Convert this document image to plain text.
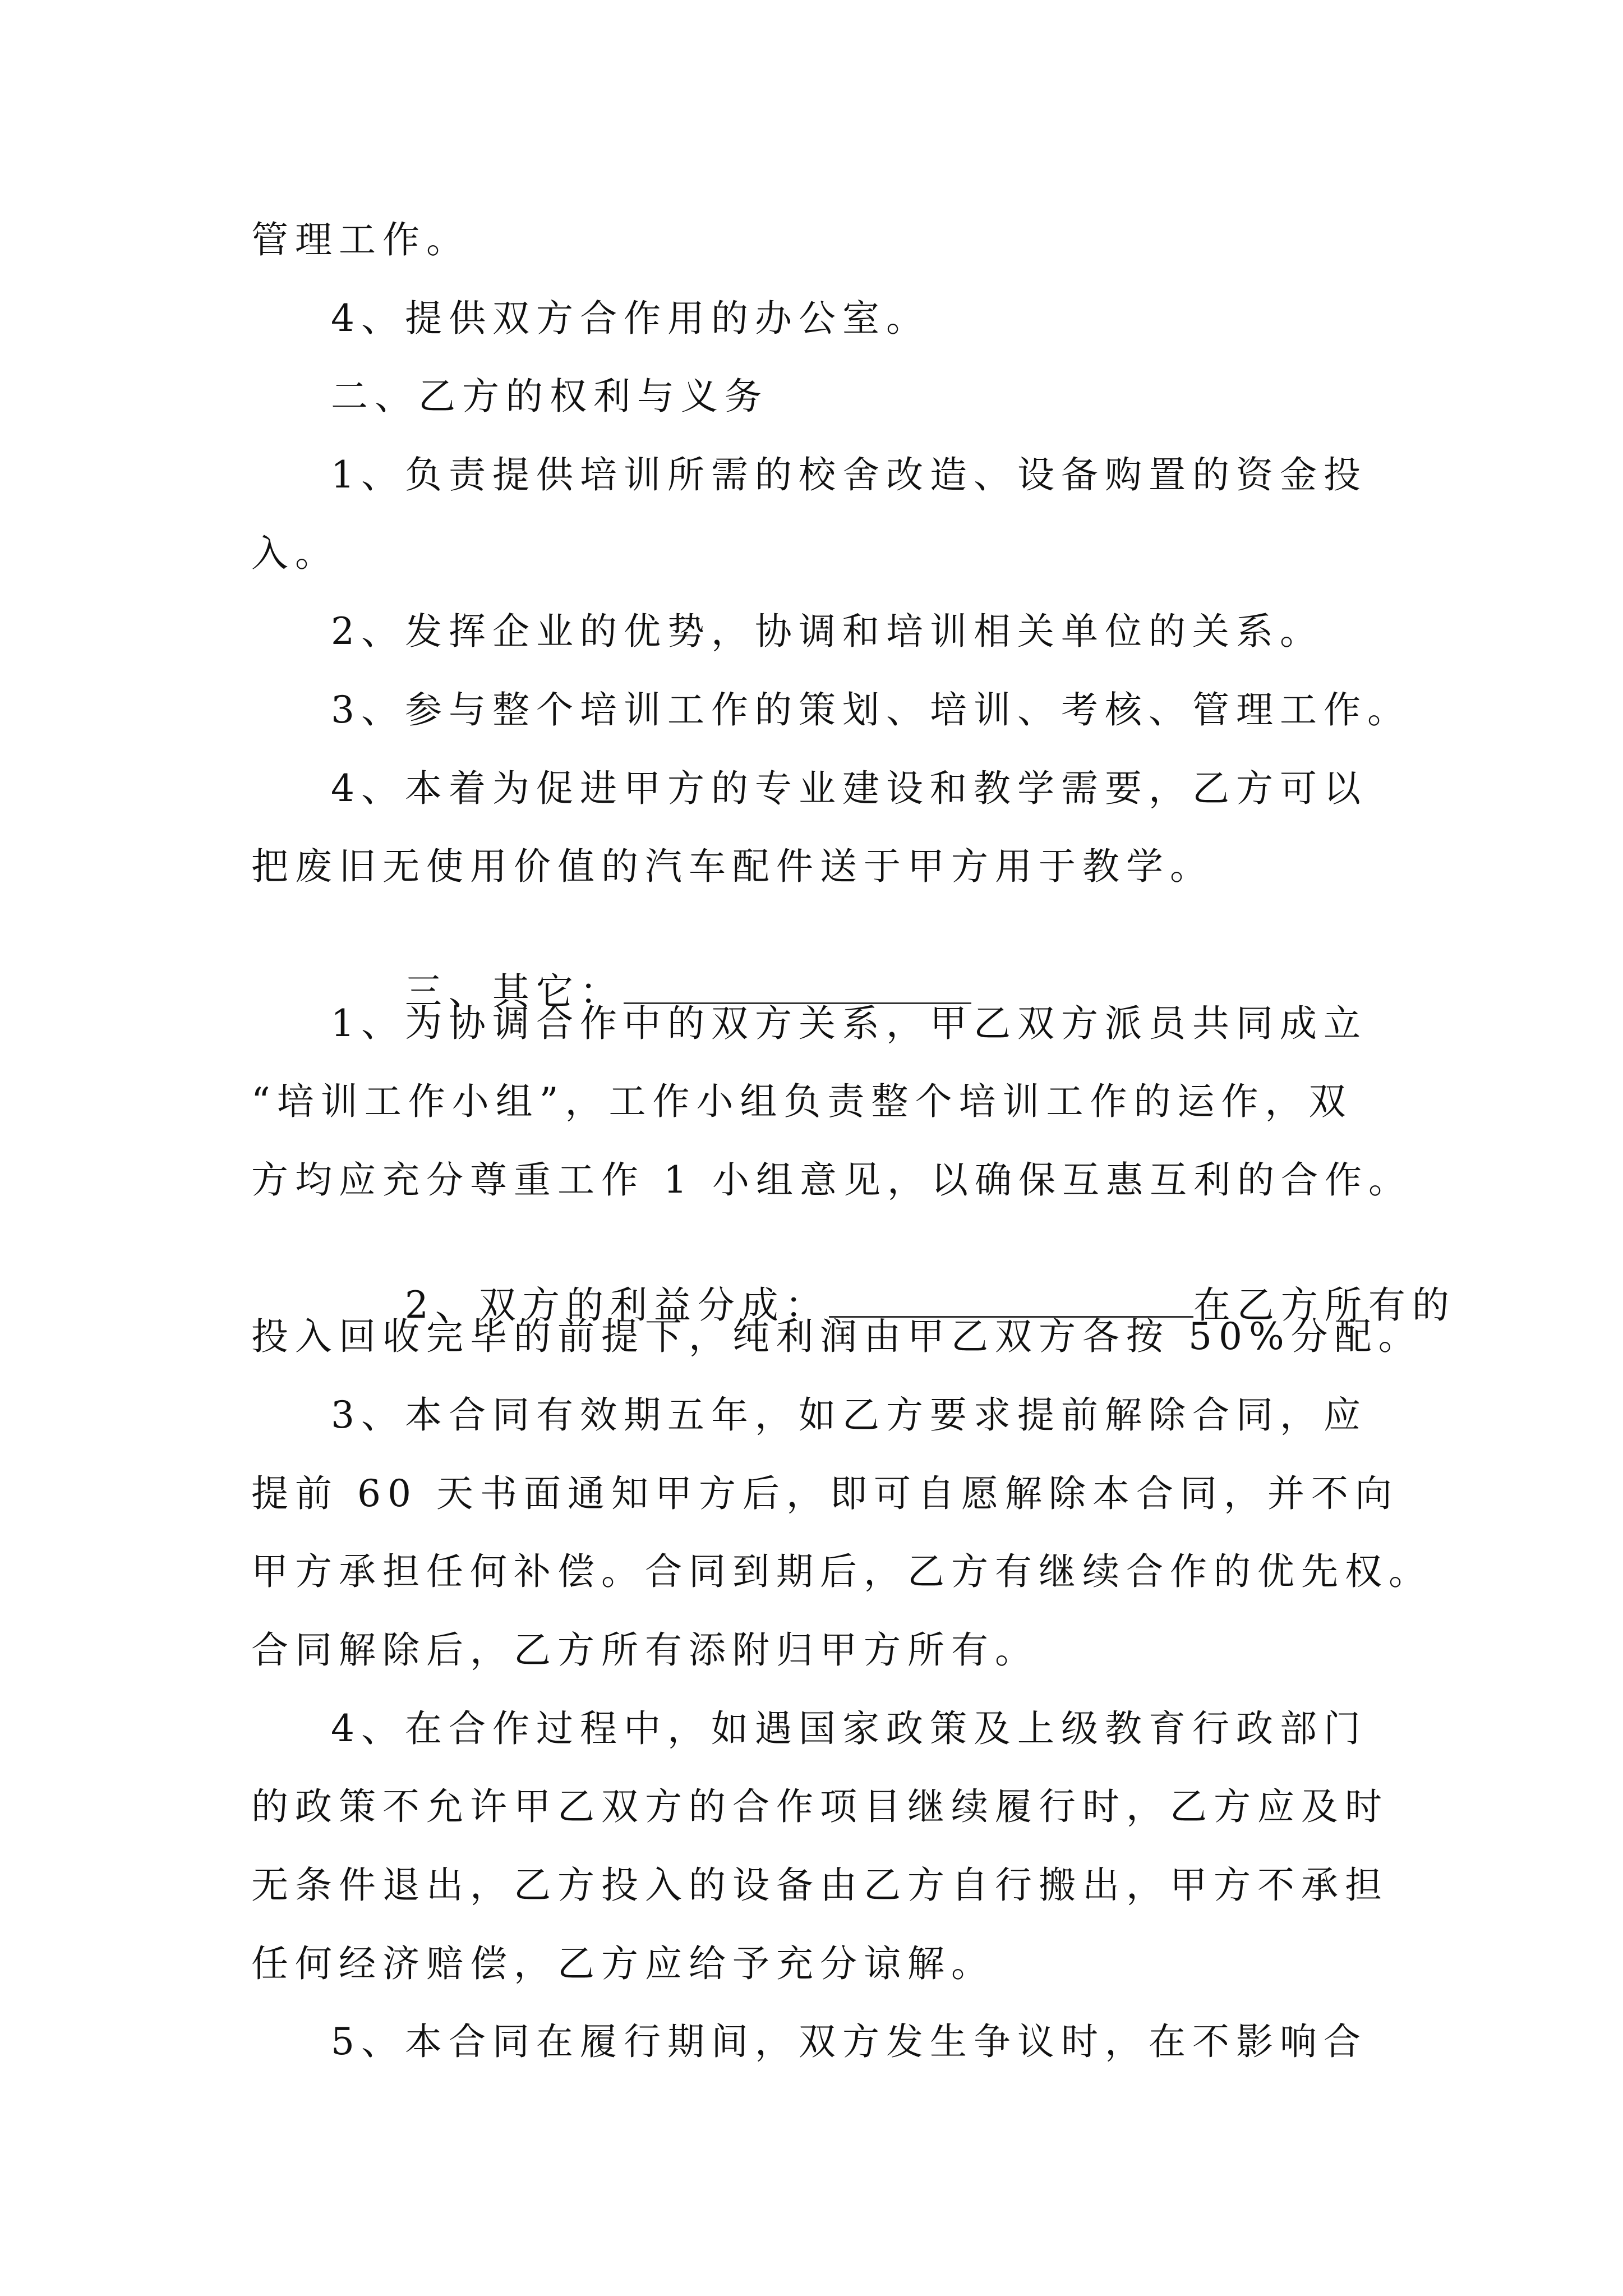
管理工作。
4、提供双方合作用的办公室。
二、乙方的权利与义务
1、负责提供培训所需的校舍改造、设备购置的资金投
入。
2、发挥企业的优势，协调和培训相关单位的关系。
3、参与整个培训工作的策划、培训、考核、管理工作。
4、本着为促进甲方的专业建设和教学需要，乙方可以
把废旧无使用价值的汽车配件送于甲方用于教学。

三、其它：

1、为协调合作中的双方关系，甲乙双方派员共同成立
“培训工作小组”，工作小组负责整个培训工作的运作，双
方均应充分尊重工作 1 小组意见，以确保互惠互利的合作。

2、双方的利益分成：	在乙方所有的

投入回收完毕的前提下，纯利润由甲乙双方各按 50%分配。
3、本合同有效期五年，如乙方要求提前解除合同，应
提前 60 天书面通知甲方后，即可自愿解除本合同，并不向
甲方承担任何补偿。合同到期后，乙方有继续合作的优先权。
合同解除后，乙方所有添附归甲方所有。
4、在合作过程中，如遇国家政策及上级教育行政部门
的政策不允许甲乙双方的合作项目继续履行时，乙方应及时
无条件退出，乙方投入的设备由乙方自行搬出，甲方不承担
任何经济赔偿，乙方应给予充分谅解。
5、本合同在履行期间，双方发生争议时，在不影响合
